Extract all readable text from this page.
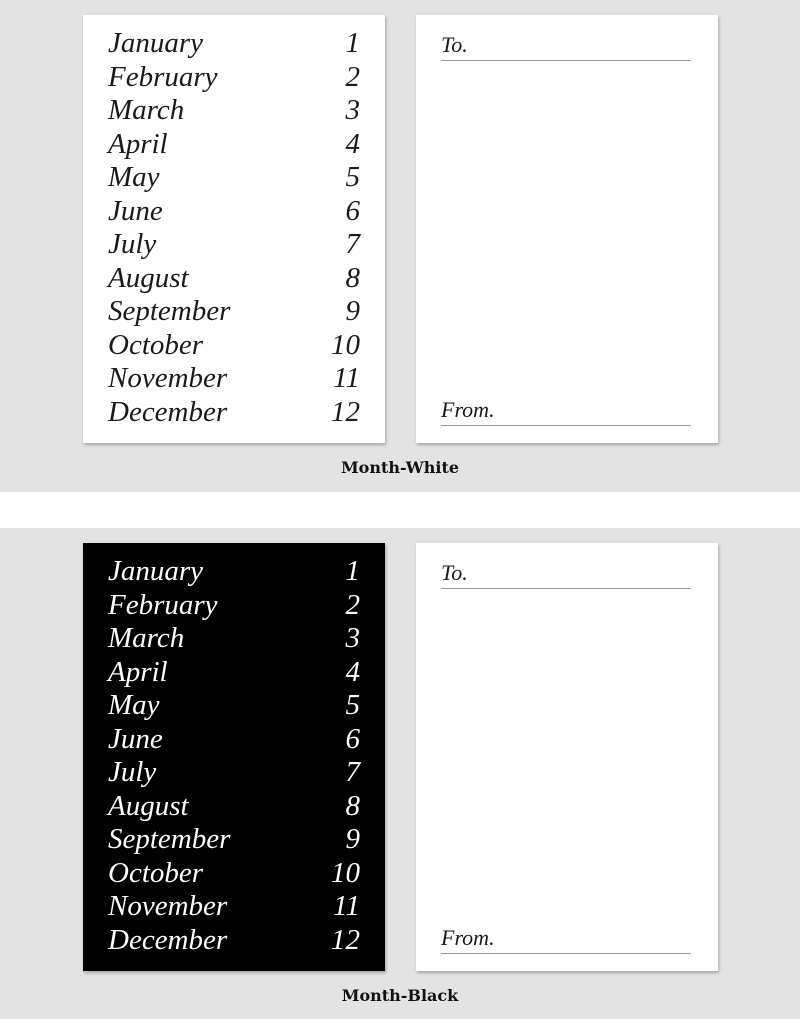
January	1
February	2
March	3
April	4
May	5
June	6
July	7
August	8
September	9
October	10
November	11
December	12
To.
From.
Month-White
January	1
February	2
March	3
April	4
May	5
June	6
July	7
August	8
September	9
October	10
November	11
December	12
To.
From.
Month-Black
